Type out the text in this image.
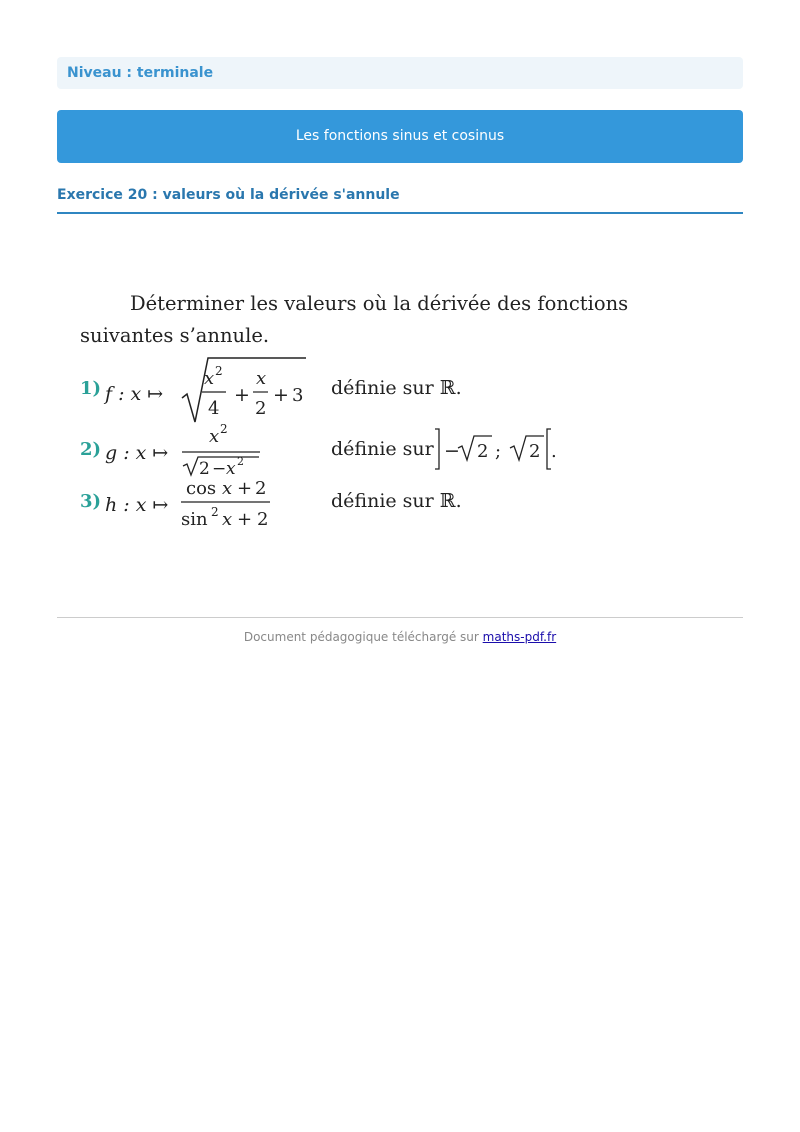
Niveau : terminale
Les fonctions sinus et cosinus
Exercice 20 : valeurs où la dérivée s'annule
Déterminer les valeurs où la dérivée des fonctions
suivantes s’annule.
1) f : x ↦
x 2
4
+
x
2
+ 3 définie sur ℝ.
2) g : x ↦
x 2
2 − x 2
définie sur − 2 ; 2 .
3) h : x ↦
cos x + 2
sin 2 x + 2
définie sur ℝ.
Document pédagogique téléchargé sur maths-pdf.fr
